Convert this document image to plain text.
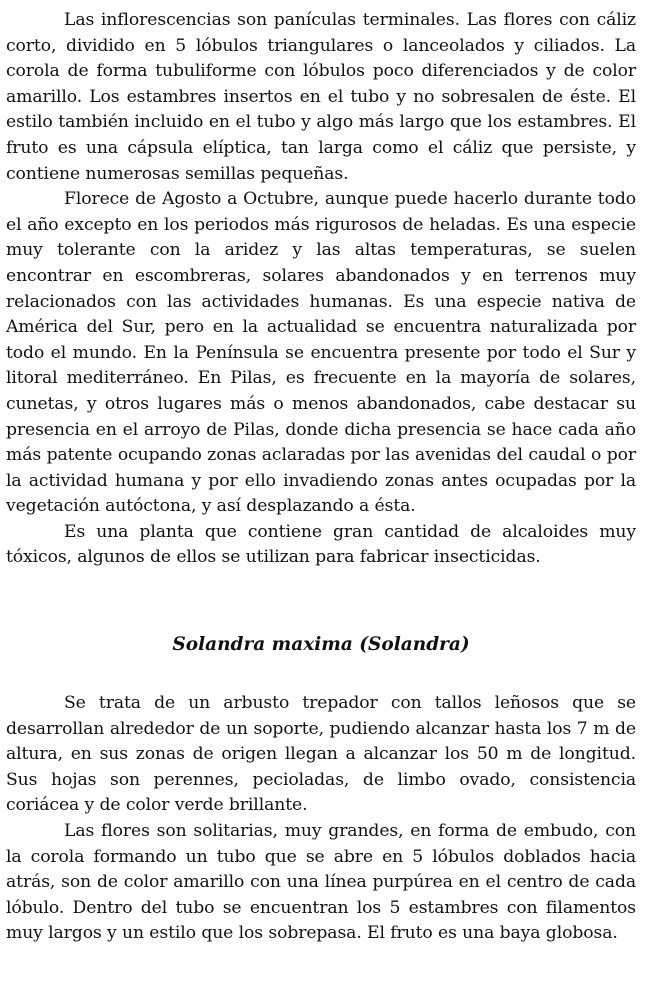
Las inflorescencias son panículas terminales. Las flores con cáliz corto, dividido en 5 lóbulos triangulares o lanceolados y ciliados. La corola de forma tubuliforme con lóbulos poco diferenciados y de color amarillo. Los estambres insertos en el tubo y no sobresalen de éste. El estilo también incluido en el tubo y algo más largo que los estambres. El fruto es una cápsula elíptica, tan larga como el cáliz que persiste, y contiene numerosas semillas pequeñas.

Florece de Agosto a Octubre, aunque puede hacerlo durante todo el año excepto en los periodos más rigurosos de heladas. Es una especie muy tolerante con la aridez y las altas temperaturas, se suelen encontrar en escombreras, solares abandonados y en terrenos muy relacionados con las actividades humanas. Es una especie nativa de América del Sur, pero en la actualidad se encuentra naturalizada por todo el mundo. En la Península se encuentra presente por todo el Sur y litoral mediterráneo. En Pilas, es frecuente en la mayoría de solares, cunetas, y otros lugares más o menos abandonados, cabe destacar su presencia en el arroyo de Pilas, donde dicha presencia se hace cada año más patente ocupando zonas aclaradas por las avenidas del caudal o por la actividad humana y por ello invadiendo zonas antes ocupadas por la vegetación autóctona, y así desplazando a ésta.

Es una planta que contiene gran cantidad de alcaloides muy tóxicos, algunos de ellos se utilizan para fabricar insecticidas.

Solandra maxima (Solandra)

Se trata de un arbusto trepador con tallos leñosos que se desarrollan alrededor de un soporte, pudiendo alcanzar hasta los 7 m de altura, en sus zonas de origen llegan a alcanzar los 50 m de longitud. Sus hojas son perennes, pecioladas, de limbo ovado, consistencia coriácea y de color verde brillante.

Las flores son solitarias, muy grandes, en forma de embudo, con la corola formando un tubo que se abre en 5 lóbulos doblados hacia atrás, son de color amarillo con una línea purpúrea en el centro de cada lóbulo. Dentro del tubo se encuentran los 5 estambres con filamentos muy largos y un estilo que los sobrepasa. El fruto es una baya globosa.
